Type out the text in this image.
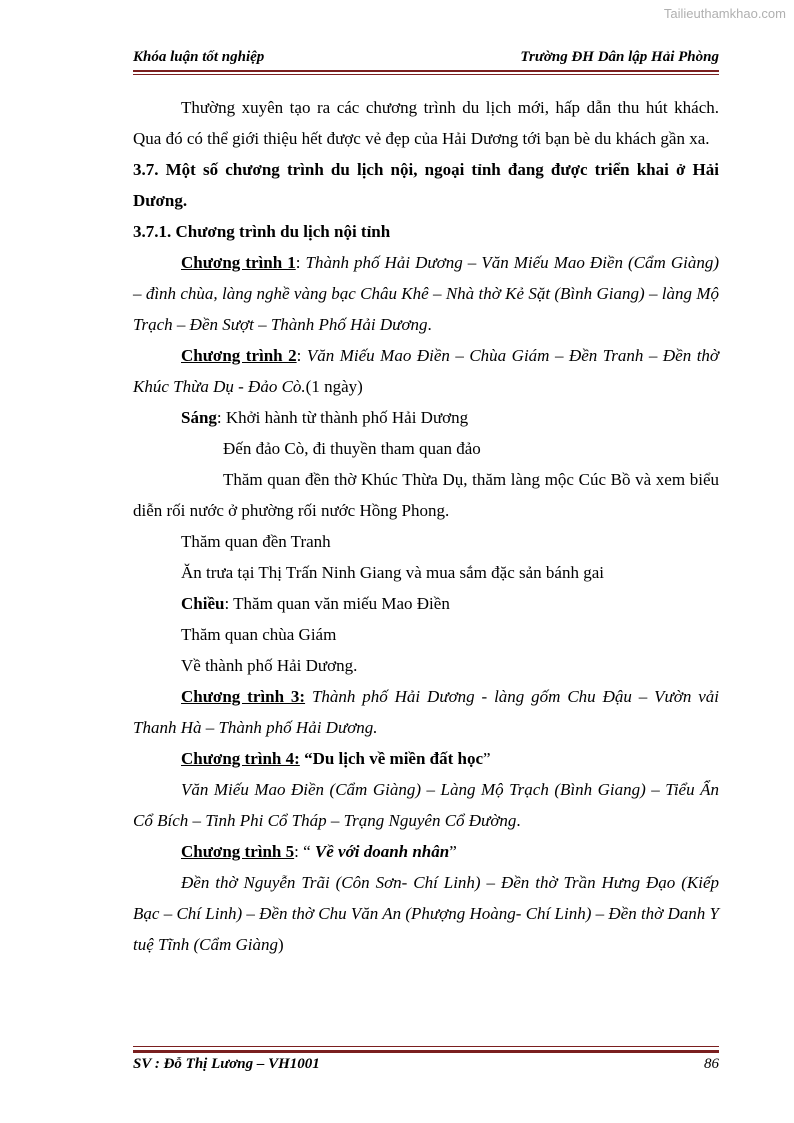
Tailieuthamkhao.com
Khóa luận tốt nghiệp	Trường ĐH Dân lập Hải Phòng

Thường xuyên tạo ra các chương trình du lịch mới, hấp dẫn thu hút khách. Qua đó có thể giới thiệu hết được vẻ đẹp của Hải Dương tới bạn bè du khách gần xa.

3.7. Một số chương trình du lịch nội, ngoại tỉnh đang được triển khai ở Hải Dương.

3.7.1. Chương trình du lịch nội tỉnh

Chương trình 1: Thành phố Hải Dương – Văn Miếu Mao Điền (Cẩm Giàng) – đình chùa, làng nghề vàng bạc Châu Khê – Nhà thờ Kẻ Sặt (Bình Giang) – làng Mộ Trạch – Đền Sượt – Thành Phố Hải Dương.

Chương trình 2: Văn Miếu Mao Điền – Chùa Giám – Đền Tranh – Đền thờ Khúc Thừa Dụ - Đảo Cò.(1 ngày)

Sáng: Khởi hành từ thành phố Hải Dương

Đến đảo Cò, đi thuyền tham quan đảo

Thăm quan đền thờ Khúc Thừa Dụ, thăm làng mộc Cúc Bồ và xem biểu diễn rối nước ở phường rối nước Hồng Phong.

Thăm quan đền Tranh

Ăn trưa tại Thị Trấn Ninh Giang và mua sắm đặc sản bánh gai

Chiều: Thăm quan văn miếu Mao Điền

Thăm quan chùa Giám

Về thành phố Hải Dương.

Chương trình 3: Thành phố Hải Dương - làng gốm Chu Đậu – Vườn vải Thanh Hà – Thành phố Hải Dương.

Chương trình 4: “Du lịch về miền đất học”

Văn Miếu Mao Điền (Cẩm Giàng) – Làng Mộ Trạch (Bình Giang) – Tiểu Ẩn Cổ Bích – Tinh Phi Cổ Tháp – Trạng Nguyên Cổ Đường.

Chương trình 5: “ Về với doanh nhân”

Đền thờ Nguyễn Trãi (Côn Sơn- Chí Linh) – Đền thờ Trần Hưng Đạo (Kiếp Bạc – Chí Linh) – Đền thờ Chu Văn An (Phượng Hoàng- Chí Linh) – Đền thờ Danh Y tuệ Tĩnh (Cẩm Giàng)

SV : Đỗ Thị Lương – VH1001	86
